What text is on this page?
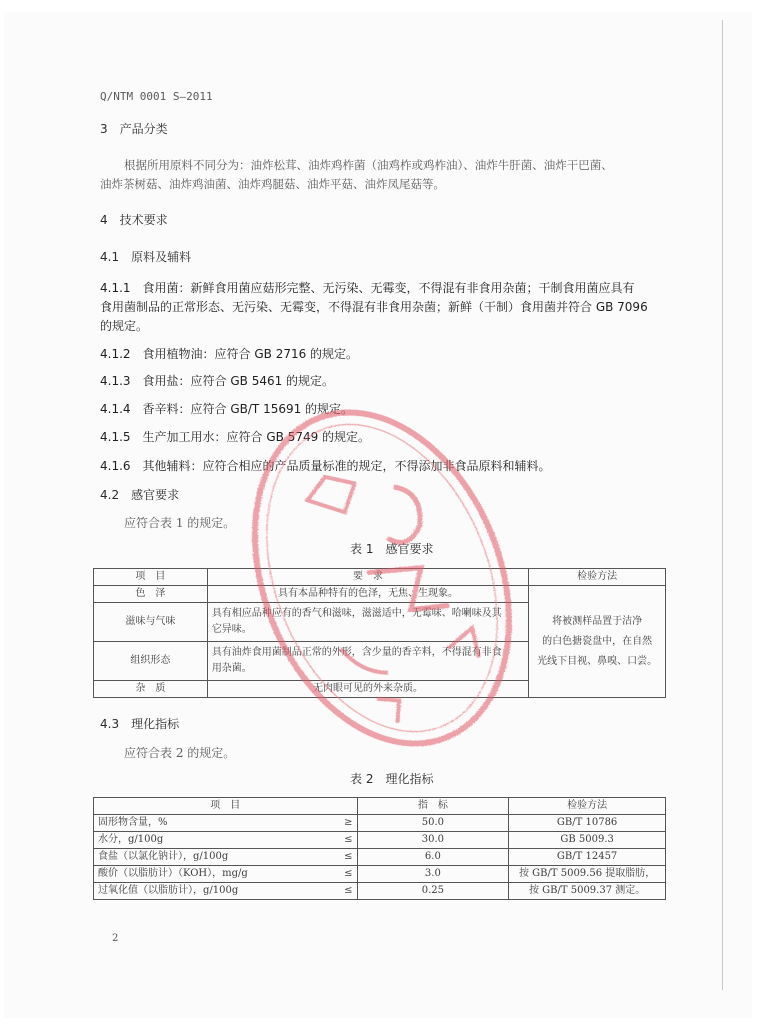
Q/NTM 0001 S—2011
3　产品分类
根据所用原料不同分为：油炸松茸、油炸鸡柞菌（油鸡柞或鸡柞油）、油炸牛肝菌、油炸干巴菌、
油炸茶树菇、油炸鸡油菌、油炸鸡腿菇、油炸平菇、油炸凤尾菇等。
4　技术要求
4.1　原料及辅料
4.1.1　食用菌：新鲜食用菌应菇形完整、无污染、无霉变，不得混有非食用杂菌；干制食用菌应具有
食用菌制品的正常形态、无污染、无霉变，不得混有非食用杂菌；新鲜（干制）食用菌并符合 GB 7096
的规定。
4.1.2　食用植物油：应符合 GB 2716 的规定。
4.1.3　食用盐：应符合 GB 5461 的规定。
4.1.4　香辛料：应符合 GB/T 15691 的规定。
4.1.5　生产加工用水：应符合 GB 5749 的规定。
4.1.6　其他辅料：应符合相应的产品质量标准的规定，不得添加非食品原料和辅料。
4.2　感官要求
应符合表 1 的规定。
表 1　感官要求
项　目	要　求	检验方法
色　泽	具有本品种特有的色泽，无焦、生现象。	将被测样品置于洁净
的白色搪瓷盘中，在自然
光线下目视、鼻嗅、口尝。

滋味与气味	具有相应品种应有的香气和滋味，滋滋适中，无霉味、哈喇味及其
它异味。	

组织形态	具有油炸食用菌制品正常的外形，含少量的香辛料，不得混有非食
用杂菌。	

杂　质	无肉眼可见的外来杂质。	
4.3　理化指标
应符合表 2 的规定。
表 2　理化指标
项　目		指　标	检验方法
固形物含量，%	≥	50.0	GB/T 10786
水分，g/100g	≤	30.0	GB 5009.3
食盐（以氯化钠计），g/100g	≤	6.0	GB/T 12457
酸价（以脂肪计）（KOH），mg/g	≤	3.0	按 GB/T 5009.56 提取脂肪，
过氧化值（以脂肪计），g/100g	≤	0.25	按 GB/T 5009.37 测定。
2
